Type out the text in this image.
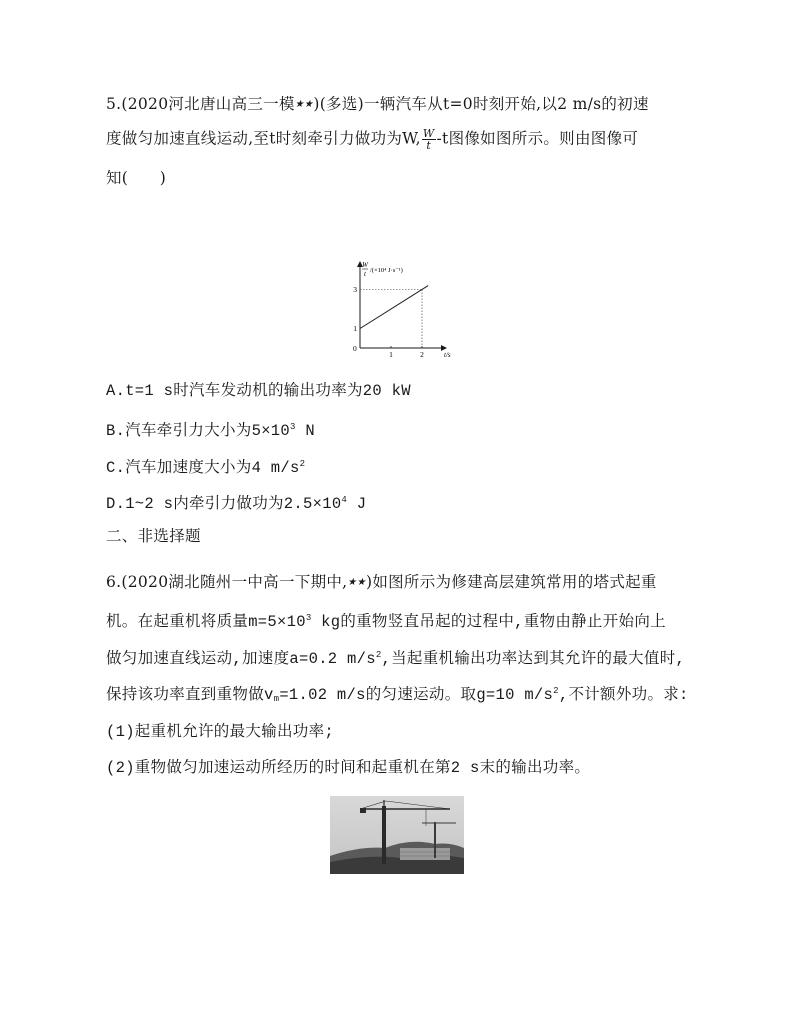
5.(2020河北唐山高三一模★★)(多选)一辆汽车从t=0时刻开始,以2 m/s的初速
度做匀加速直线运动,至t时刻牵引力做功为W, $\frac{W}{t} -t$图像如图所示。则由图像可
知(　　)
W
t /(×10⁴ J·s⁻¹)
t/s
0
1	2
1
3
A.t=1 s时汽车发动机的输出功率为20 kW
B.汽车牵引力大小为$5\times 10^3$ N
C.汽车加速度大小为4 $m/s^2$
D.1~2 s内牵引力做功为$2.5\times 10^4$ J
二、非选择题
6.(2020湖北随州一中高一下期中,★★)如图所示为修建高层建筑常用的塔式起重
机。在起重机将质量$m=5\times 10^3$ kg的重物竖直吊起的过程中,重物由静止开始向上
做匀加速直线运动,加速度a=0.2 $m/s^2$,当起重机输出功率达到其允许的最大值时,
保持该功率直到重物做$v_m=1.02$ m/s的匀速运动。取g=10 $m/s^2$,不计额外功。求:
(1)起重机允许的最大输出功率;
(2)重物做匀加速运动所经历的时间和起重机在第2 s末的输出功率。
